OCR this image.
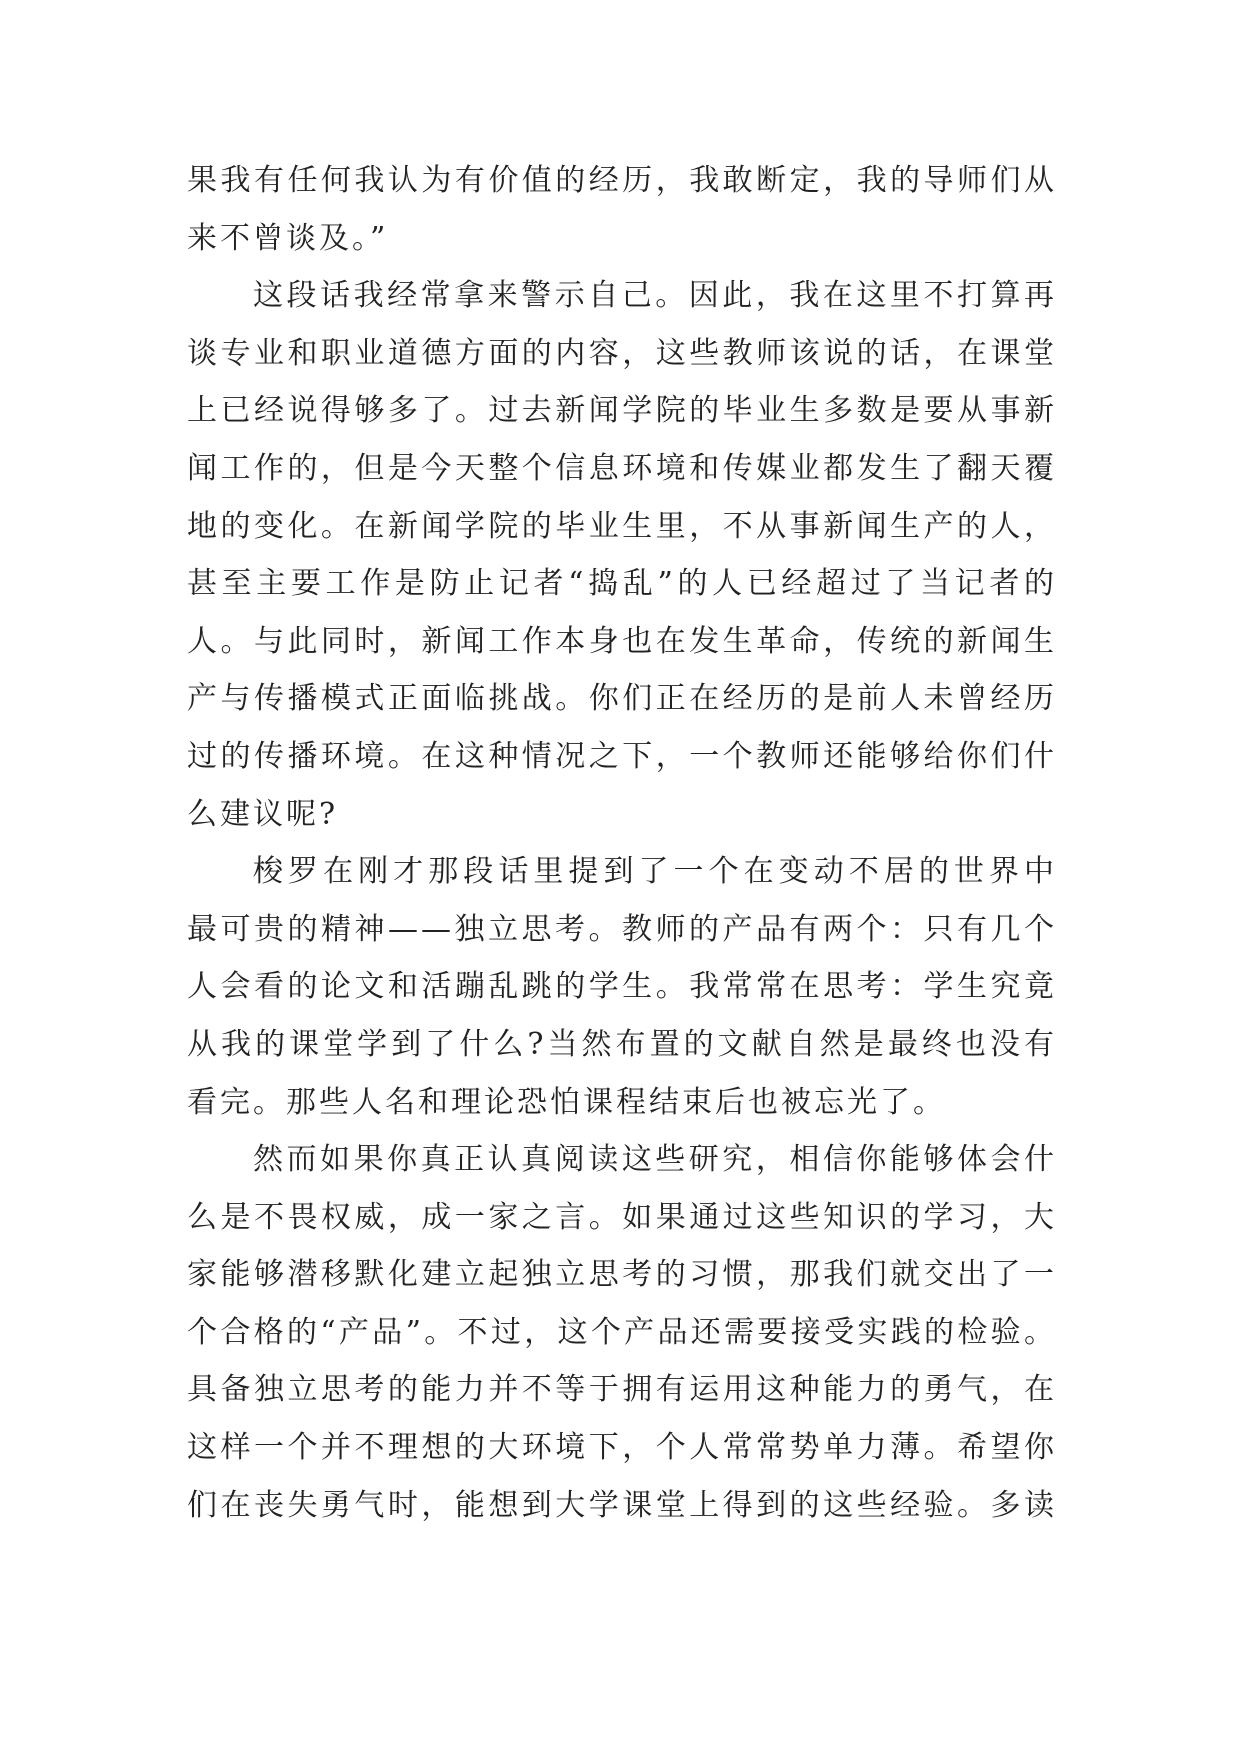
果我有任何我认为有价值的经历，我敢断定，我的导师们从
来不曾谈及。”
这段话我经常拿来警示自己。因此，我在这里不打算再
谈专业和职业道德方面的内容，这些教师该说的话，在课堂
上已经说得够多了。过去新闻学院的毕业生多数是要从事新
闻工作的，但是今天整个信息环境和传媒业都发生了翻天覆
地的变化。在新闻学院的毕业生里，不从事新闻生产的人，
甚至主要工作是防止记者“捣乱”的人已经超过了当记者的
人。与此同时，新闻工作本身也在发生革命，传统的新闻生
产与传播模式正面临挑战。你们正在经历的是前人未曾经历
过的传播环境。在这种情况之下，一个教师还能够给你们什
么建议呢?
梭罗在刚才那段话里提到了一个在变动不居的世界中
最可贵的精神——独立思考。教师的产品有两个：只有几个
人会看的论文和活蹦乱跳的学生。我常常在思考：学生究竟
从我的课堂学到了什么?当然布置的文献自然是最终也没有
看完。那些人名和理论恐怕课程结束后也被忘光了。
然而如果你真正认真阅读这些研究，相信你能够体会什
么是不畏权威，成一家之言。如果通过这些知识的学习，大
家能够潜移默化建立起独立思考的习惯，那我们就交出了一
个合格的“产品”。不过，这个产品还需要接受实践的检验。
具备独立思考的能力并不等于拥有运用这种能力的勇气，在
这样一个并不理想的大环境下，个人常常势单力薄。希望你
们在丧失勇气时，能想到大学课堂上得到的这些经验。多读
